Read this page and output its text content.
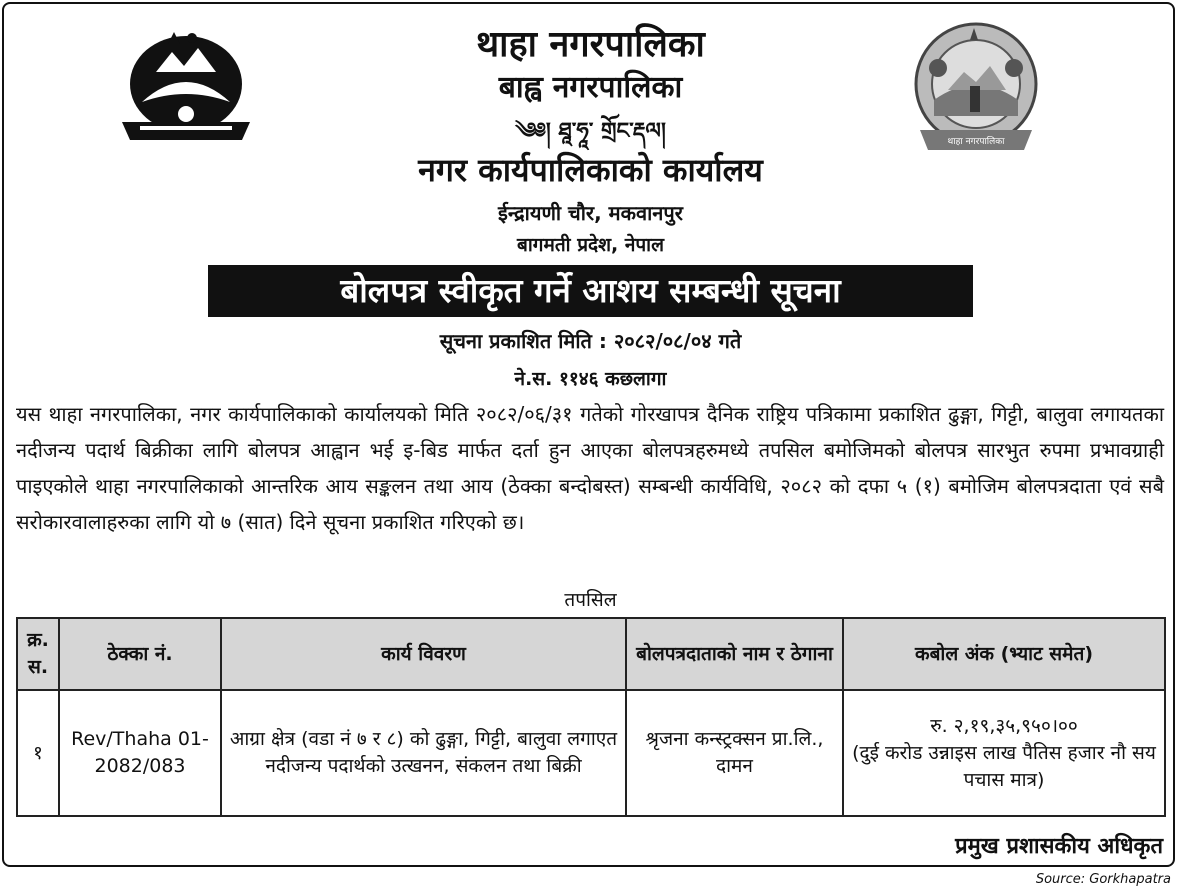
थाहा नगरपालिका
थाहा नगरपालिका
बाह्व नगरपालिका
༄༅། ཐཱ་ཧཱ་ གྲོང་རྡལ།
नगर कार्यपालिकाको कार्यालय
ईन्द्रायणी चौर, मकवानपुर
बागमती प्रदेश, नेपाल
बोलपत्र स्वीकृत गर्ने आशय सम्बन्धी सूचना
सूचना प्रकाशित मिति : २०८२/०८/०४ गते
ने.स. ११४६ कछलागा
यस थाहा नगरपालिका, नगर कार्यपालिकाको कार्यालयको मिति २०८२/०६/३१ गतेको गोरखापत्र दैनिक राष्ट्रिय पत्रिकामा प्रकाशित ढुङ्गा, गिट्टी, बालुवा लगायतका नदीजन्य पदार्थ बिक्रीका लागि बोलपत्र आह्वान भई इ-बिड मार्फत दर्ता हुन आएका बोलपत्रहरुमध्ये तपसिल बमोजिमको बोलपत्र सारभुत रुपमा प्रभावग्राही पाइएकोले थाहा नगरपालिकाको आन्तरिक आय सङ्कलन तथा आय (ठेक्का बन्दोबस्त) सम्बन्धी कार्यविधि, २०८२ को दफा ५ (१) बमोजिम बोलपत्रदाता एवं सबै सरोकारवालाहरुका लागि यो ७ (सात) दिने सूचना प्रकाशित गरिएको छ।
तपसिल
क्र. स.	ठेक्का नं.	कार्य विवरण	बोलपत्रदाताको नाम र ठेगाना	कबोल अंक (भ्याट समेत)
१	Rev/Thaha 01-2082/083	आग्रा क्षेत्र (वडा नं ७ र ८) को ढुङ्गा, गिट्टी, बालुवा लगाएत नदीजन्य पदार्थको उत्खनन, संकलन तथा बिक्री	श्रृजना कन्स्ट्रक्सन प्रा.लि., दामन	रु. २,१९,३५,९५०।००
(दुई करोड उन्नाइस लाख पैतिस हजार नौ सय पचास मात्र)
प्रमुख प्रशासकीय अधिकृत
Source: Gorkhapatra
